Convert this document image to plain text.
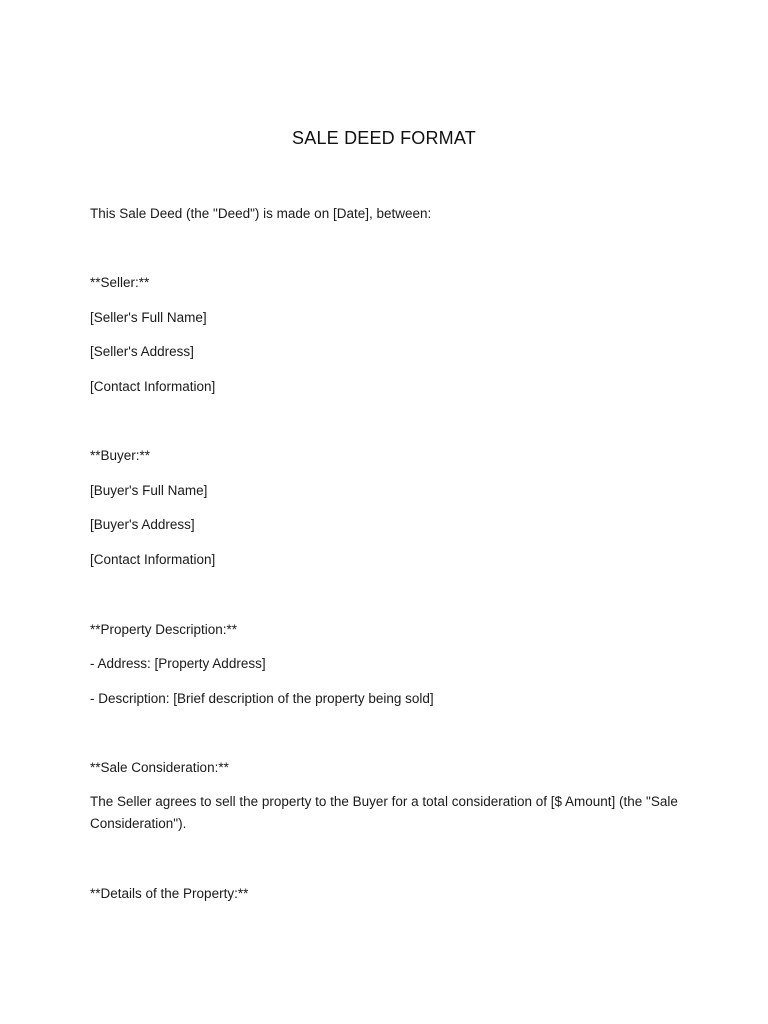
SALE DEED FORMAT
This Sale Deed (the "Deed") is made on [Date], between:
**Seller:**
[Seller's Full Name]
[Seller's Address]
[Contact Information]
**Buyer:**
[Buyer's Full Name]
[Buyer's Address]
[Contact Information]
**Property Description:**
- Address: [Property Address]
- Description: [Brief description of the property being sold]
**Sale Consideration:**
The Seller agrees to sell the property to the Buyer for a total consideration of [$ Amount] (the "Sale Consideration").
**Details of the Property:**
